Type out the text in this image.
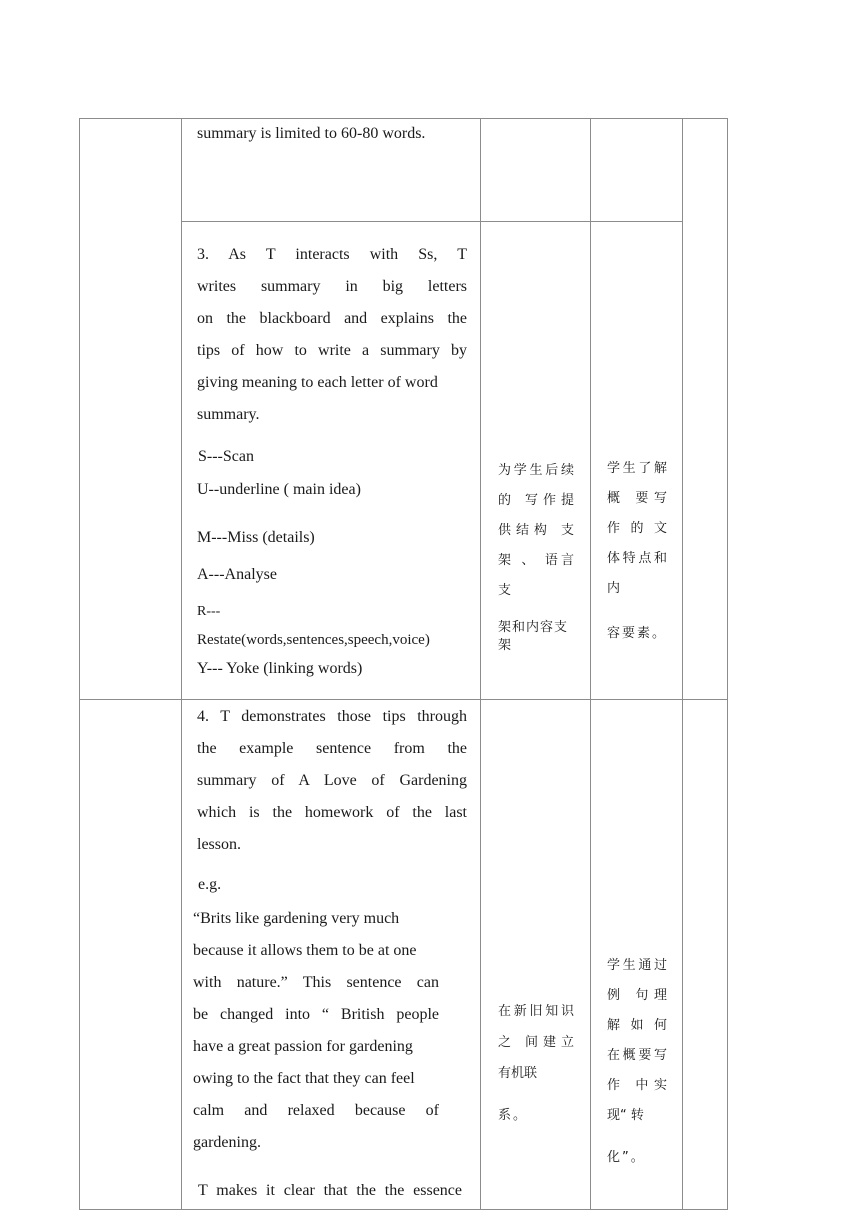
summary is limited to 60-80 words.
3. As T interacts with Ss, T
writes summary in big letters
on the blackboard and explains the
tips of how to write a summary by
giving meaning to each letter of word
summary.
S---Scan
U--underline ( main idea)
M---Miss (details)
A---Analyse
R---
Restate(words,sentences,speech,voice)
Y--- Yoke (linking words)
为学生后续
的 写作提
供结构 支
架 、 语言
支
架和内容支
架
学生了解
概 要写
作 的 文
体特点和
内
容要素。
4. T demonstrates those tips through
the example sentence from the
summary of A Love of Gardening
which is the homework of the last
lesson.
e.g.
“Brits like gardening very much
because it allows them to be at one
with nature.” This sentence can
be changed into “ British people
have a great passion for gardening
owing to the fact that they can feel
calm and relaxed because of
gardening.
T makes it clear that the the essence
在新旧知识
之 间建立
有机联
系。
学生通过
例 句理
解 如 何
在概要写
作 中实
现“ 转
化”。
